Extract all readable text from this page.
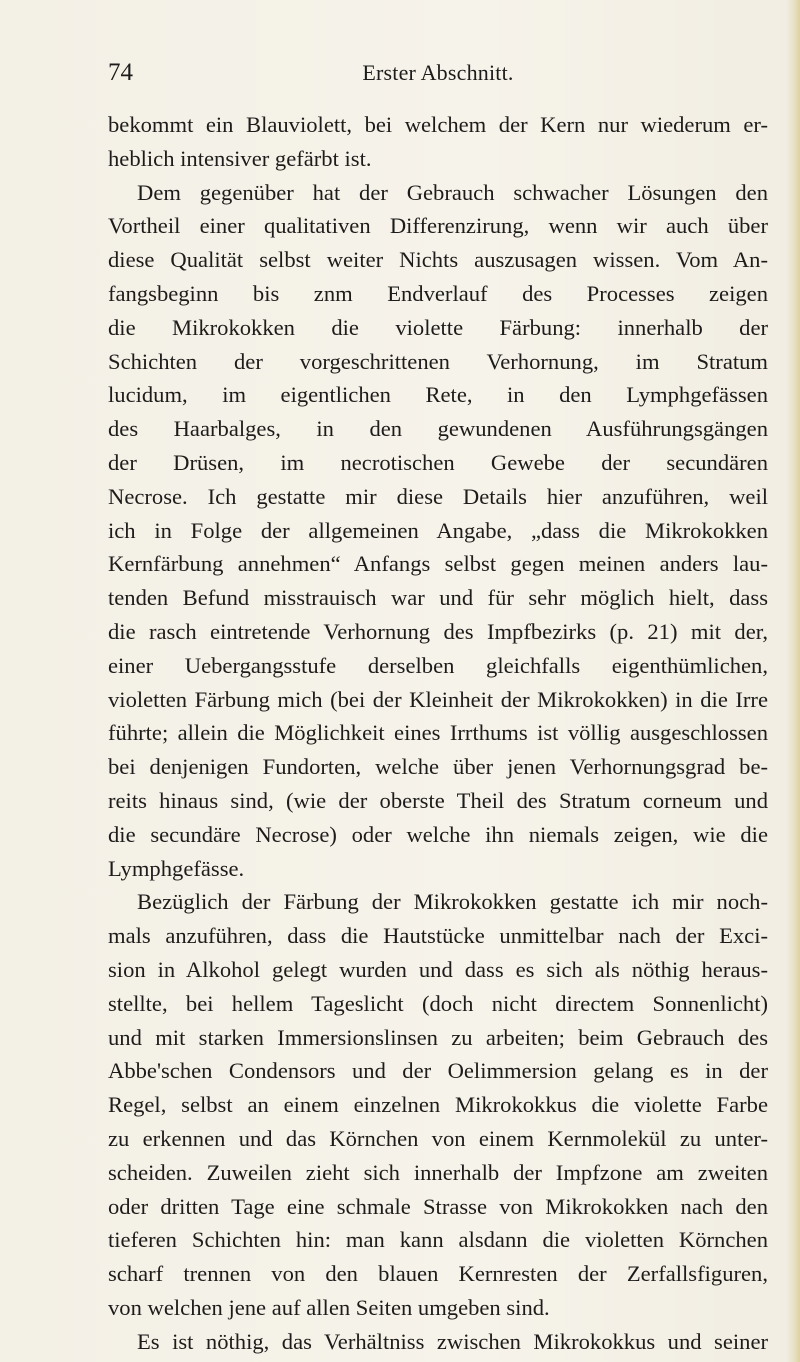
74	Erster Abschnitt.
bekommt ein Blauviolett, bei welchem der Kern nur wiederum er-
heblich intensiver gefärbt ist.
Dem gegenüber hat der Gebrauch schwacher Lösungen den
Vortheil einer qualitativen Differenzirung, wenn wir auch über
diese Qualität selbst weiter Nichts auszusagen wissen. Vom An-
fangsbeginn bis znm Endverlauf des Processes zeigen
die Mikrokokken die violette Färbung: innerhalb der
Schichten der vorgeschrittenen Verhornung, im Stratum
lucidum, im eigentlichen Rete, in den Lymphgefässen
des Haarbalges, in den gewundenen Ausführungsgängen
der Drüsen, im necrotischen Gewebe der secundären
Necrose. Ich gestatte mir diese Details hier anzuführen, weil
ich in Folge der allgemeinen Angabe, „dass die Mikrokokken
Kernfärbung annehmen“ Anfangs selbst gegen meinen anders lau-
tenden Befund misstrauisch war und für sehr möglich hielt, dass
die rasch eintretende Verhornung des Impfbezirks (p. 21) mit der,
einer Uebergangsstufe derselben gleichfalls eigenthümlichen,
violetten Färbung mich (bei der Kleinheit der Mikrokokken) in die Irre
führte; allein die Möglichkeit eines Irrthums ist völlig ausgeschlossen
bei denjenigen Fundorten, welche über jenen Verhornungsgrad be-
reits hinaus sind, (wie der oberste Theil des Stratum corneum und
die secundäre Necrose) oder welche ihn niemals zeigen, wie die
Lymphgefässe.
Bezüglich der Färbung der Mikrokokken gestatte ich mir noch-
mals anzuführen, dass die Hautstücke unmittelbar nach der Exci-
sion in Alkohol gelegt wurden und dass es sich als nöthig heraus-
stellte, bei hellem Tageslicht (doch nicht directem Sonnenlicht)
und mit starken Immersionslinsen zu arbeiten; beim Gebrauch des
Abbe'schen Condensors und der Oelimmersion gelang es in der
Regel, selbst an einem einzelnen Mikrokokkus die violette Farbe
zu erkennen und das Körnchen von einem Kernmolekül zu unter-
scheiden. Zuweilen zieht sich innerhalb der Impfzone am zweiten
oder dritten Tage eine schmale Strasse von Mikrokokken nach den
tieferen Schichten hin: man kann alsdann die violetten Körnchen
scharf trennen von den blauen Kernresten der Zerfallsfiguren,
von welchen jene auf allen Seiten umgeben sind.
Es ist nöthig, das Verhältniss zwischen Mikrokokkus und seiner
